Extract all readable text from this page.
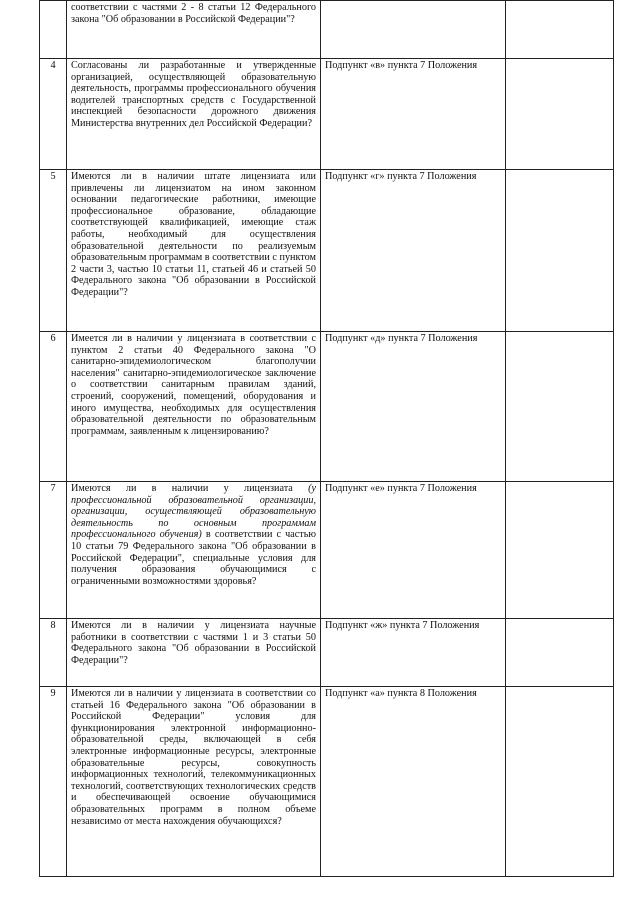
	соответствии с частями 2 - 8 статьи 12 Федерального закона "Об образовании в Российской Федерации"?		
4	Согласованы ли разработанные и утвержденные организацией, осуществляющей образовательную деятельность, программы профессионального обучения водителей транспортных средств с Государственной инспекцией безопасности дорожного движения Министерства внутренних дел Российской Федерации?	Подпункт «в» пункта 7 Положения	
5	Имеются ли в наличии штате лицензиата или привлечены ли лицензиатом на ином законном основании педагогические работники, имеющие профессиональное образование, обладающие соответствующей квалификацией, имеющие стаж работы, необходимый для осуществления образовательной деятельности по реализуемым образовательным программам в соответствии с пунктом 2 части 3, частью 10 статьи 11, статьей 46 и статьей 50 Федерального закона "Об образовании в Российской Федерации"?	Подпункт «г» пункта 7 Положения	
6	Имеется ли в наличии у лицензиата в соответствии с пунктом 2 статьи 40 Федерального закона "О санитарно-эпидемиологическом благополучии населения" санитарно-эпидемиологическое заключение о соответствии санитарным правилам зданий, строений, сооружений, помещений, оборудования и иного имущества, необходимых для осуществления образовательной деятельности по образовательным программам, заявленным к лицензированию?	Подпункт «д» пункта 7 Положения	
7	Имеются ли в наличии у лицензиата (у профессиональной образовательной организации, организации, осуществляющей образовательную деятельность по основным программам профессионального обучения) в соответствии с частью 10 статьи 79 Федерального закона "Об образовании в Российской Федерации", специальные условия для получения образования обучающимися с ограниченными возможностями здоровья?	Подпункт «е» пункта 7 Положения	
8	Имеются ли в наличии у лицензиата научные работники в соответствии с частями 1 и 3 статьи 50 Федерального закона "Об образовании в Российской Федерации"?	Подпункт «ж» пункта 7 Положения	
9	Имеются ли в наличии у лицензиата в соответствии со статьей 16 Федерального закона "Об образовании в Российской Федерации" условия для функционирования электронной информационно-образовательной среды, включающей в себя электронные информационные ресурсы, электронные образовательные ресурсы, совокупность информационных технологий, телекоммуникационных технологий, соответствующих технологических средств и обеспечивающей освоение обучающимися образовательных программ в полном объеме независимо от места нахождения обучающихся?	Подпункт «а» пункта 8 Положения	
